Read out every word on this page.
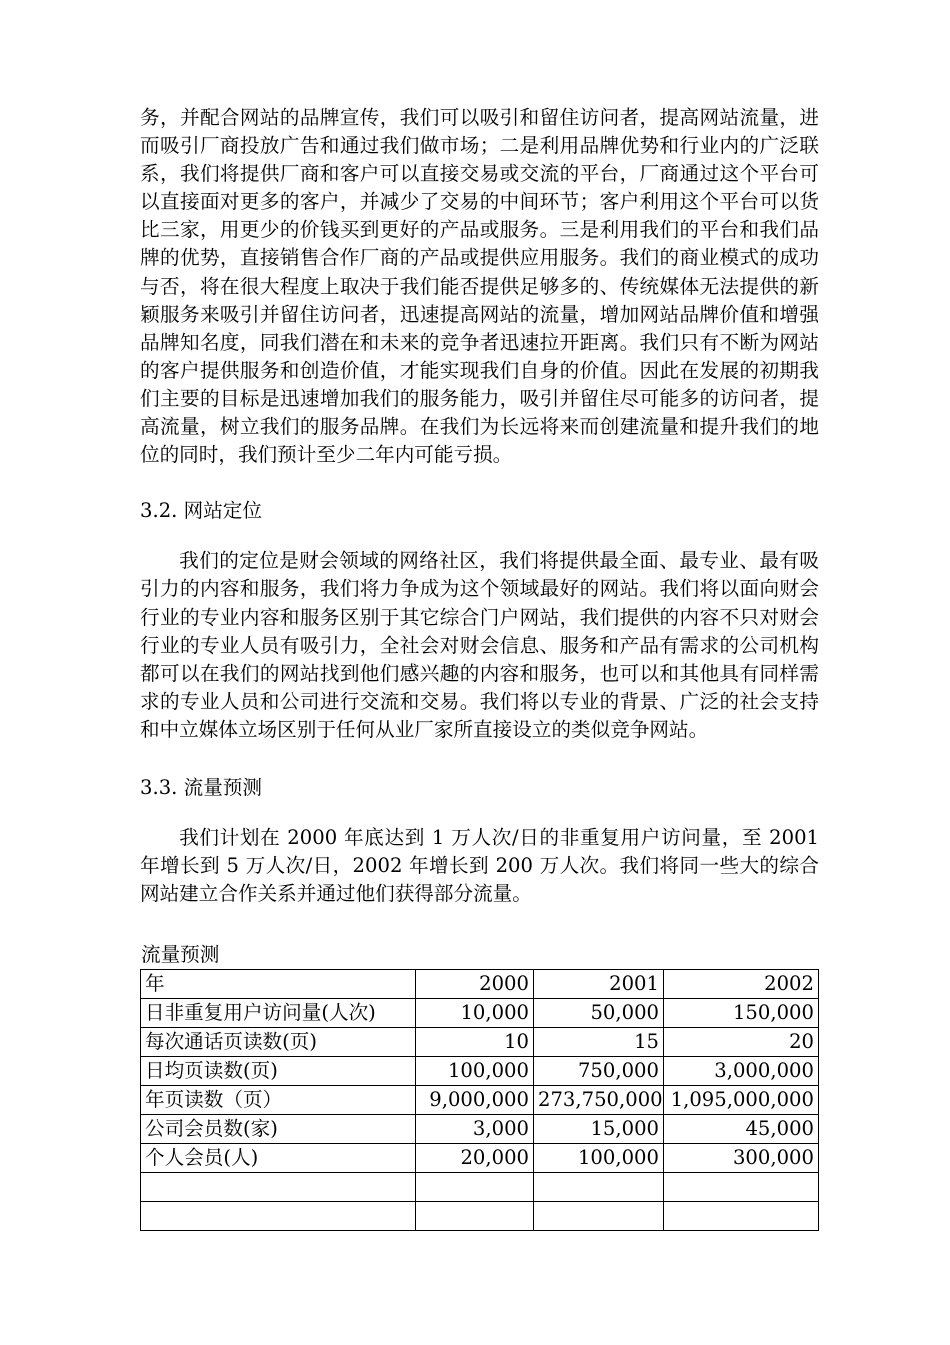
务，并配合网站的品牌宣传，我们可以吸引和留住访问者，提高网站流量，进而吸引厂商投放广告和通过我们做市场；二是利用品牌优势和行业内的广泛联系，我们将提供厂商和客户可以直接交易或交流的平台，厂商通过这个平台可以直接面对更多的客户，并减少了交易的中间环节；客户利用这个平台可以货比三家，用更少的价钱买到更好的产品或服务。三是利用我们的平台和我们品牌的优势，直接销售合作厂商的产品或提供应用服务。我们的商业模式的成功与否，将在很大程度上取决于我们能否提供足够多的、传统媒体无法提供的新颖服务来吸引并留住访问者，迅速提高网站的流量，增加网站品牌价值和增强品牌知名度，同我们潜在和未来的竞争者迅速拉开距离。我们只有不断为网站的客户提供服务和创造价值，才能实现我们自身的价值。因此在发展的初期我们主要的目标是迅速增加我们的服务能力，吸引并留住尽可能多的访问者，提高流量，树立我们的服务品牌。在我们为长远将来而创建流量和提升我们的地位的同时，我们预计至少二年内可能亏损。

3.2. 网站定位

我们的定位是财会领域的网络社区，我们将提供最全面、最专业、最有吸引力的内容和服务，我们将力争成为这个领域最好的网站。我们将以面向财会行业的专业内容和服务区别于其它综合门户网站，我们提供的内容不只对财会行业的专业人员有吸引力，全社会对财会信息、服务和产品有需求的公司机构都可以在我们的网站找到他们感兴趣的内容和服务，也可以和其他具有同样需求的专业人员和公司进行交流和交易。我们将以专业的背景、广泛的社会支持和中立媒体立场区别于任何从业厂家所直接设立的类似竞争网站。

3.3. 流量预测

我们计划在 2000 年底达到 1 万人次/日的非重复用户访问量，至 2001 年增长到 5 万人次/日，2002 年增长到 200 万人次。我们将同一些大的综合网站建立合作关系并通过他们获得部分流量。

流量预测
年	2000	2001	2002
日非重复用户访问量(人次)	10,000	50,000	150,000
每次通话页读数(页)	10	15	20
日均页读数(页)	100,000	750,000	3,000,000
年页读数（页）	9,000,000	273,750,000	1,095,000,000
公司会员数(家)	3,000	15,000	45,000
个人会员(人)	20,000	100,000	300,000
